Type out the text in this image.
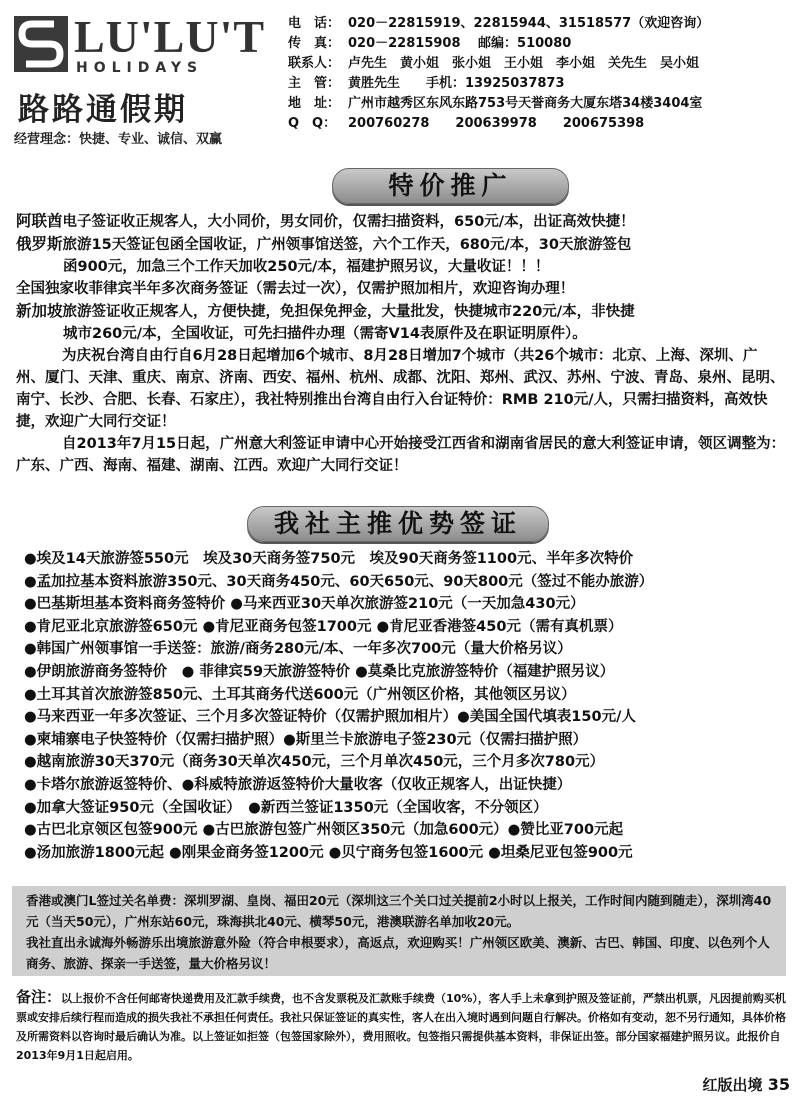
LU'LU'T
HOLIDAYS
路路通假期
经营理念：快捷、专业、诚信、双赢
电　话： 020－22815919、22815944、31518577（欢迎咨询）
传　真： 020－22815908　 邮编：510080
联系人： 卢先生　黄小姐　张小姐　王小姐　李小姐　关先生　吴小姐
主　管： 黄胜先生　　手机：13925037873
地　址： 广州市越秀区东风东路753号天誉商务大厦东塔34楼3404室
Q　Q： 200760278　　200639978　　200675398
特价推广

阿联酋电子签证收正规客人，大小同价，男女同价，仅需扫描资料，650元/本，出证高效快捷！

俄罗斯旅游15天签证包函全国收证，广州领事馆送签，六个工作天，680元/本，30天旅游签包

函900元，加急三个工作天加收250元/本，福建护照另议，大量收证！！！

全国独家收菲律宾半年多次商务签证（需去过一次），仅需护照加相片，欢迎咨询办理！

新加坡旅游签证收正规客人，方便快捷，免担保免押金，大量批发，快捷城市220元/本，非快捷

城市260元/本，全国收证，可先扫描件办理（需寄V14表原件及在职证明原件）。

为庆祝台湾自由行自6月28日起增加6个城市、8月28日增加7个城市（共26个城市：北京、上海、深圳、广州、厦门、天津、重庆、南京、济南、西安、福州、杭州、成都、沈阳、郑州、武汉、苏州、宁波、青岛、泉州、昆明、南宁、长沙、合肥、长春、石家庄），我社特别推出台湾自由行入台证特价：RMB 210元/人，只需扫描资料，高效快捷，欢迎广大同行交证！

自2013年7月15日起，广州意大利签证申请中心开始接受江西省和湖南省居民的意大利签证申请，领区调整为：广东、广西、海南、福建、湖南、江西。欢迎广大同行交证！

我社主推优势签证
●埃及14天旅游签550元　埃及30天商务签750元　埃及90天商务签1100元、半年多次特价
●孟加拉基本资料旅游350元、30天商务450元、60天650元、90天800元（签过不能办旅游）
●巴基斯坦基本资料商务签特价 ●马来西亚30天单次旅游签210元（一天加急430元）
●肯尼亚北京旅游签650元 ●肯尼亚商务包签1700元 ●肯尼亚香港签450元（需有真机票）
●韩国广州领事馆一手送签：旅游/商务280元/本、一年多次700元（量大价格另议）
●伊朗旅游商务签特价　● 菲律宾59天旅游签特价 ●莫桑比克旅游签特价（福建护照另议）
●土耳其首次旅游签850元、土耳其商务代送600元（广州领区价格，其他领区另议）
●马来西亚一年多次签证、三个月多次签证特价（仅需护照加相片）●美国全国代填表150元/人
●柬埔寨电子快签特价（仅需扫描护照）●斯里兰卡旅游电子签230元（仅需扫描护照）
●越南旅游30天370元（商务30天单次450元，三个月单次450元，三个月多次780元）
●卡塔尔旅游返签特价、●科威特旅游返签特价大量收客（仅收正规客人，出证快捷）
●加拿大签证950元（全国收证）　●新西兰签证1350元（全国收客，不分领区）
●古巴北京领区包签900元 ●古巴旅游包签广州领区350元（加急600元）●赞比亚700元起
●汤加旅游1800元起 ●刚果金商务签1200元 ●贝宁商务包签1600元 ●坦桑尼亚包签900元

香港或澳门L签过关名单费：深圳罗湖、皇岗、福田20元（深圳这三个关口过关提前2小时以上报关，工作时间内随到随走），深圳湾40元（当天50元），广州东站60元，珠海拱北40元、横琴50元，港澳联游名单加收20元。

我社直出永诚海外畅游乐出境旅游意外险（符合申根要求），高返点，欢迎购买！广州领区欧美、澳新、古巴、韩国、印度、以色列个人商务、旅游、探亲一手送签，量大价格另议！

备注：以上报价不含任何邮寄快递费用及汇款手续费，也不含发票税及汇款账手续费（10%），客人手上未拿到护照及签证前，严禁出机票，凡因提前购买机票或安排后续行程而造成的损失我社不承担任何责任。我社只保证签证的真实性，客人在出入境时遇到问题自行解决。价格如有变动，恕不另行通知，具体价格及所需资料以咨询时最后确认为准。以上签证如拒签（包签国家除外），费用照收。包签指只需提供基本资料，非保证出签。部分国家福建护照另议。此报价自2013年9月1日起启用。
红版出境 35
